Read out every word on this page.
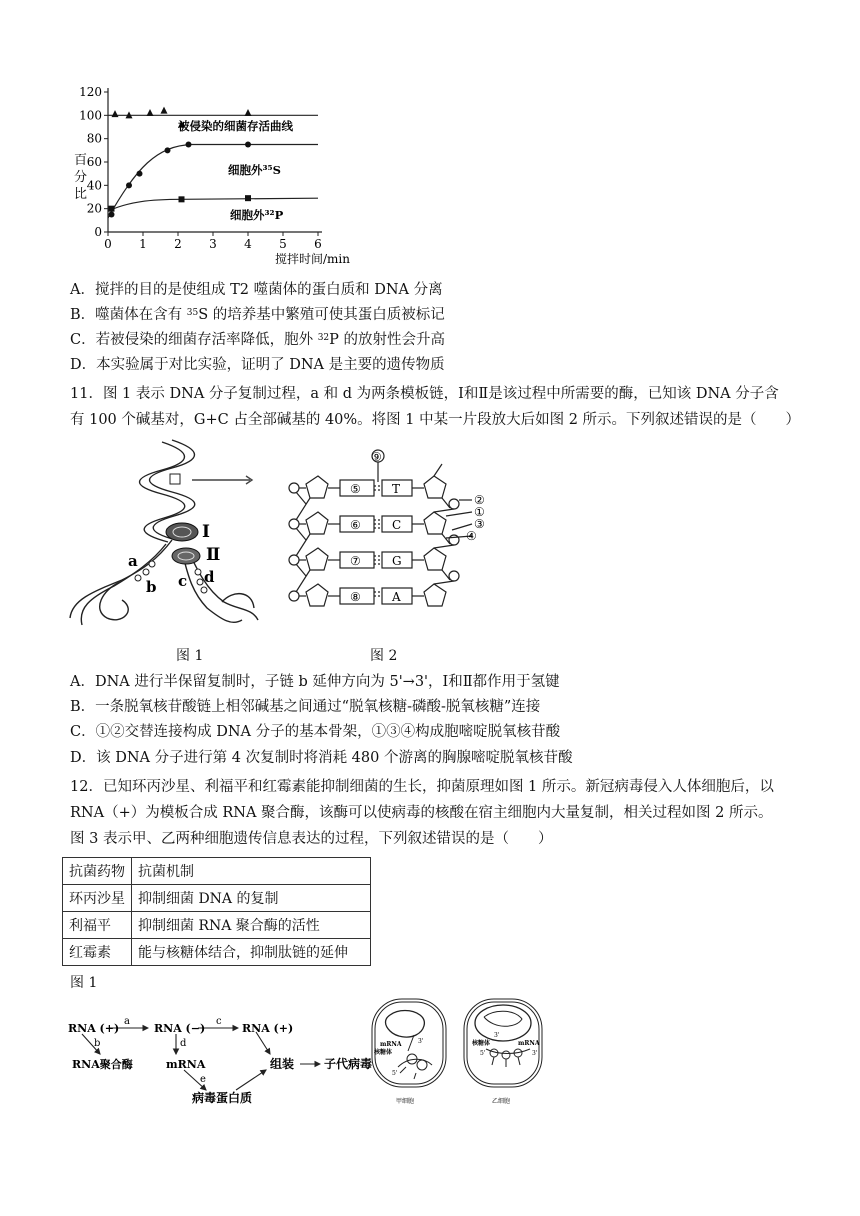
0
20
40
60
80
100
120
0 1 2 3 4 5 6
百
分
比
搅拌时间/min
被侵染的细菌存活曲线
细胞外³⁵S
细胞外³²P
A．搅拌的目的是使组成 T2 噬菌体的蛋白质和 DNA 分离
B．噬菌体在含有 $^{35}$S 的培养基中繁殖可使其蛋白质被标记
C．若被侵染的细菌存活率降低，胞外 $^{32}$P 的放射性会升高
D．本实验属于对比实验，证明了 DNA 是主要的遗传物质
11．图 1 表示 DNA 分子复制过程，a 和 d 为两条模板链，Ⅰ和Ⅱ是该过程中所需要的酶，已知该 DNA 分子含
有 100 个碱基对，G+C 占全部碱基的 40%。将图 1 中某一片段放大后如图 2 所示。下列叙述错误的是（　　）
Ⅰ
Ⅱ
a
b c d
⑨
⑤
⑥
⑦
⑧
T
C
G
A
②
①
③
④
图 1	图 2
A．DNA 进行半保留复制时，子链 b 延伸方向为 5'→3'，Ⅰ和Ⅱ都作用于氢键
B．一条脱氧核苷酸链上相邻碱基之间通过“脱氧核糖-磷酸-脱氧核糖”连接
C．①②交替连接构成 DNA 分子的基本骨架，①③④构成胞嘧啶脱氧核苷酸
D．该 DNA 分子进行第 4 次复制时将消耗 480 个游离的胸腺嘧啶脱氧核苷酸
12．已知环丙沙星、利福平和红霉素能抑制细菌的生长，抑菌原理如图 1 所示。新冠病毒侵入人体细胞后，以
RNA（+）为模板合成 RNA 聚合酶，该酶可以使病毒的核酸在宿主细胞内大量复制，相关过程如图 2 所示。
图 3 表示甲、乙两种细胞遗传信息表达的过程，下列叙述错误的是（　　）
抗菌药物	抗菌机制
环丙沙星	抑制细菌 DNA 的复制
利福平	抑制细菌 RNA 聚合酶的活性
红霉素	能与核糖体结合，抑制肽链的延伸
图 1
RNA (+)
a
RNA (−)
c
RNA (+)
b	d
RNA聚合酶	mRNA
e
组装 子代病毒
病毒蛋白质
mRNA
核糖体
3'
5'
核糖体	mRNA
3'
5'	3'
甲细胞	乙细胞
